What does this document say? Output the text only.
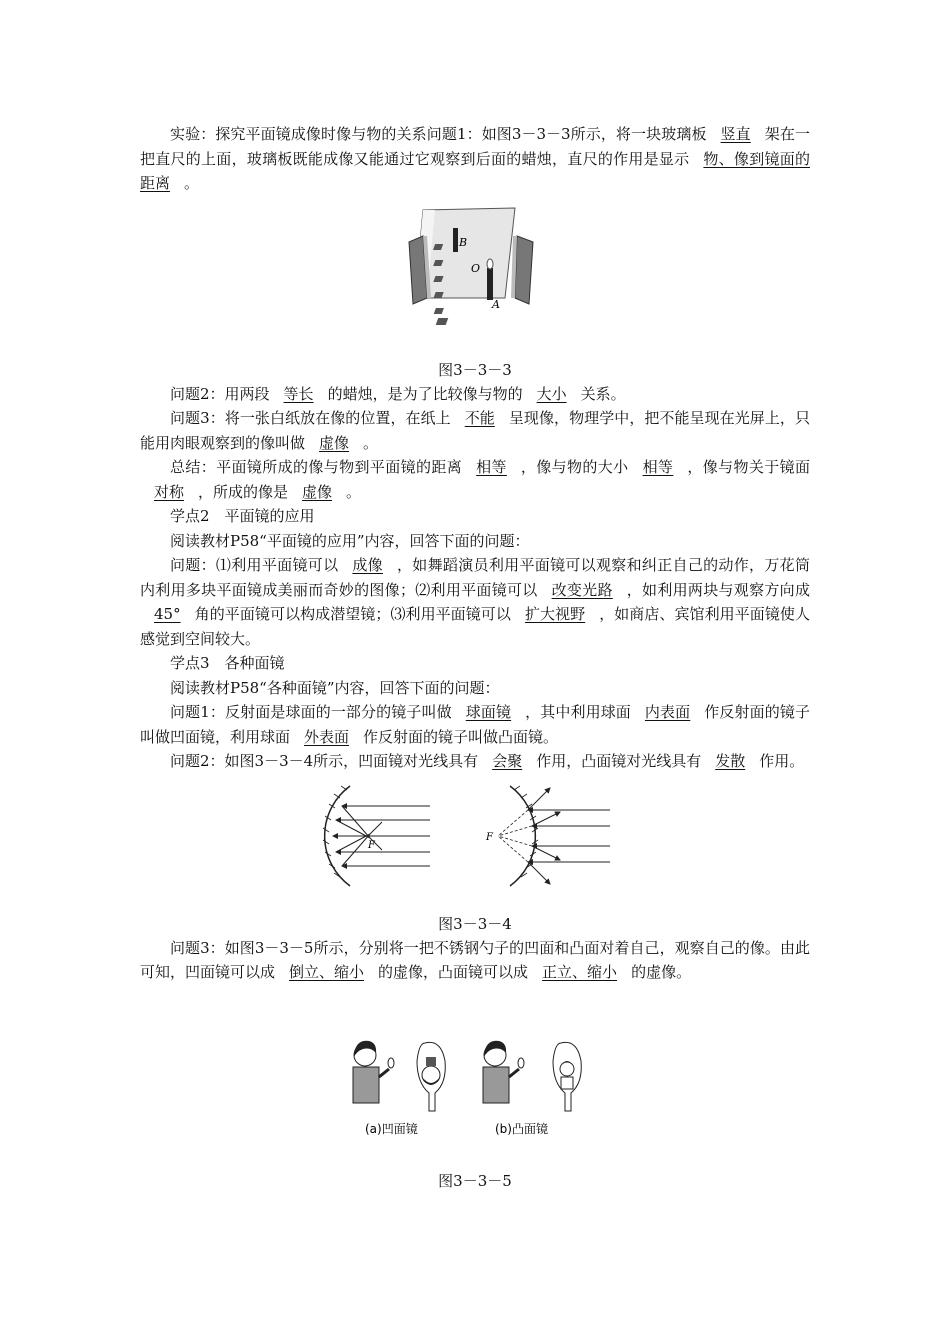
实验：探究平面镜成像时像与物的关系问题1：如图3－3－3所示，将一块玻璃板 竖直 架在一把直尺的上面，玻璃板既能成像又能通过它观察到后面的蜡烛，直尺的作用是显示 物、像到镜面的距离 。

B
O
A

图3－3－3

问题2：用两段 等长 的蜡烛，是为了比较像与物的 大小 关系。

问题3：将一张白纸放在像的位置，在纸上 不能 呈现像，物理学中，把不能呈现在光屏上，只能用肉眼观察到的像叫做 虚像 。

总结：平面镜所成的像与物到平面镜的距离 相等 ，像与物的大小 相等 ，像与物关于镜面对称 ，所成的像是 虚像 。

学点2　平面镜的应用

阅读教材P58“平面镜的应用”内容，回答下面的问题：

问题：⑴利用平面镜可以 成像 ，如舞蹈演员利用平面镜可以观察和纠正自己的动作，万花筒内利用多块平面镜成美丽而奇妙的图像；⑵利用平面镜可以 改变光路 ，如利用两块与观察方向成45° 角的平面镜可以构成潜望镜；⑶利用平面镜可以 扩大视野 ，如商店、宾馆利用平面镜使人感觉到空间较大。

学点3　各种面镜

阅读教材P58“各种面镜”内容，回答下面的问题：

问题1：反射面是球面的一部分的镜子叫做 球面镜 ，其中利用球面 内表面 作反射面的镜子叫做凹面镜，利用球面 外表面 作反射面的镜子叫做凸面镜。

问题2：如图3－3－4所示，凹面镜对光线具有 会聚 作用，凸面镜对光线具有 发散 作用。

F
F

图3－3－4

问题3：如图3－3－5所示，分别将一把不锈钢勺子的凹面和凸面对着自己，观察自己的像。由此可知，凹面镜可以成 倒立、缩小 的虚像，凸面镜可以成 正立、缩小 的虚像。

(a)凹面镜	(b)凸面镜

图3－3－5
